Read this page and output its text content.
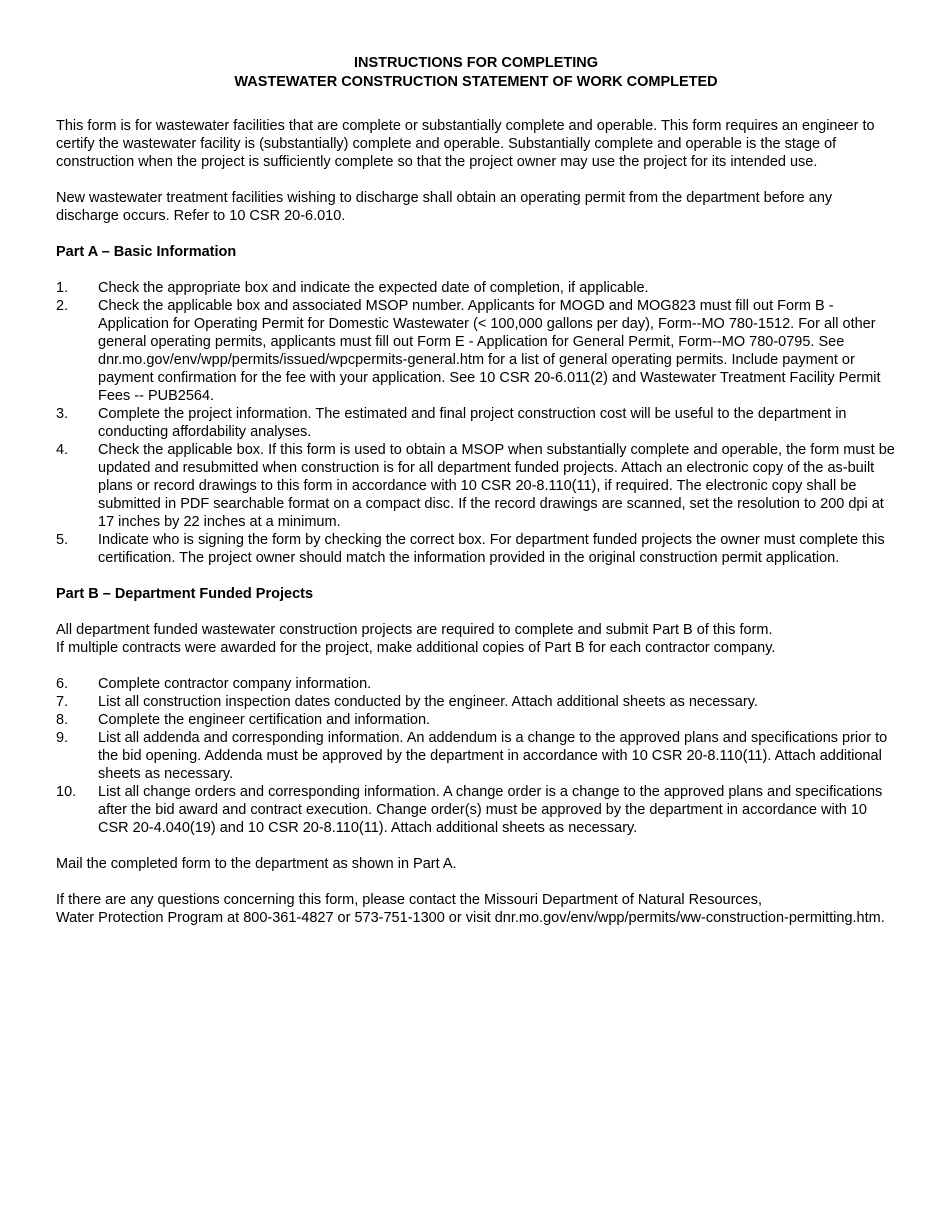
INSTRUCTIONS FOR COMPLETING
WASTEWATER CONSTRUCTION STATEMENT OF WORK COMPLETED

This form is for wastewater facilities that are complete or substantially complete and operable. This form requires an engineer to certify the wastewater facility is (substantially) complete and operable. Substantially complete and operable is the stage of construction when the project is sufficiently complete so that the project owner may use the project for its intended use.

New wastewater treatment facilities wishing to discharge shall obtain an operating permit from the department before any discharge occurs. Refer to 10 CSR 20-6.010.

Part A – Basic Information
1.	Check the appropriate box and indicate the expected date of completion, if applicable.
2.	Check the applicable box and associated MSOP number. Applicants for MOGD and MOG823 must fill out Form B - Application for Operating Permit for Domestic Wastewater (< 100,000 gallons per day), Form--MO 780-1512. For all other general operating permits, applicants must fill out Form E - Application for General Permit, Form--MO 780-0795. See dnr.mo.gov/env/wpp/permits/issued/wpcpermits-general.htm for a list of general operating permits. Include payment or payment confirmation for the fee with your application. See 10 CSR 20-6.011(2) and Wastewater Treatment Facility Permit Fees -- PUB2564.
3.	Complete the project information. The estimated and final project construction cost will be useful to the department in conducting affordability analyses.
4.	Check the applicable box. If this form is used to obtain a MSOP when substantially complete and operable, the form must be updated and resubmitted when construction is for all department funded projects. Attach an electronic copy of the as-built plans or record drawings to this form in accordance with 10 CSR 20-8.110(11), if required. The electronic copy shall be submitted in PDF searchable format on a compact disc. If the record drawings are scanned, set the resolution to 200 dpi at 17 inches by 22 inches at a minimum.
5.	Indicate who is signing the form by checking the correct box. For department funded projects the owner must complete this certification. The project owner should match the information provided in the original construction permit application.
Part B – Department Funded Projects

All department funded wastewater construction projects are required to complete and submit Part B of this form.
If multiple contracts were awarded for the project, make additional copies of Part B for each contractor company.

6.	Complete contractor company information.
7.	List all construction inspection dates conducted by the engineer. Attach additional sheets as necessary.
8.	Complete the engineer certification and information.
9.	List all addenda and corresponding information. An addendum is a change to the approved plans and specifications prior to the bid opening. Addenda must be approved by the department in accordance with 10 CSR 20-8.110(11). Attach additional sheets as necessary.
10.	List all change orders and corresponding information. A change order is a change to the approved plans and specifications after the bid award and contract execution. Change order(s) must be approved by the department in accordance with 10 CSR 20-4.040(19) and 10 CSR 20-8.110(11). Attach additional sheets as necessary.

Mail the completed form to the department as shown in Part A.

If there are any questions concerning this form, please contact the Missouri Department of Natural Resources,
Water Protection Program at 800-361-4827 or 573-751-1300 or visit dnr.mo.gov/env/wpp/permits/ww-construction-permitting.htm.
